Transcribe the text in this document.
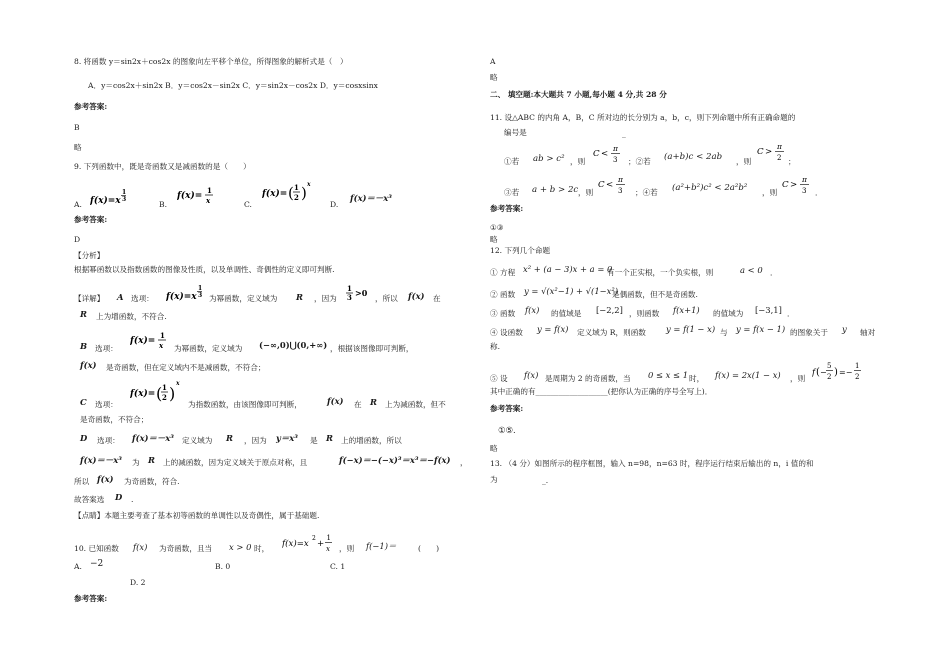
8. 将函数 y＝sin2x＋cos2x 的图象向左平移个单位，所得图象的解析式是（　）
A．y＝cos2x＋sin2x B．y＝cos2x－sin2x C．y＝sin2x－cos2x D．y＝cosxsinx
参考答案:
B
略
9. 下列函数中，既是奇函数又是减函数的是（　　）
A. f(x)=x
1
3
B.
f(x)=
1
x	C.
f(x)= ( 1
2 ) x
D.
f(x)＝－x³
参考答案:
D
【分析】
根据幂函数以及指数函数的图像及性质，以及单调性、奇偶性的定义即可判断.
【详解】 A 选项： f(x)=x
1
3 为幂函数，定义域为 R ，因为
1
3 >0
，所以 f(x) 在
R 上为增函数，不符合.
B 选项：
f(x)=
1
x 为幂函数，定义域为 (−∞,0)⋃(0,+∞) ，根据该图像即可判断，
f(x) 是奇函数，但在定义域内不是减函数，不符合；
C 选项：
f(x)= ( 1
2 )
x
为指数函数，由该图像即可判断，	f(x) 在 R 上为减函数，但不
是奇函数，不符合；
D 选项： f(x)＝－x³ 定义域为 R ，因为 y＝x³ 是 R 上的增函数，所以
f(x)＝－x³ 为 R 上的减函数，因为定义域关于原点对称，且	f(−x)＝−(−x)³＝x³＝−f(x) ，
所以 f(x) 为奇函数，符合.
故答案选 D .
【点睛】本题主要考查了基本初等函数的单调性以及奇偶性，属于基础题.
10. 已知函数 f(x) 为奇函数，且当 x > 0 时， f(x)=x
2
+
1
x ，则 f(−1)＝	(　　)
A. −2	B. 0	C. 1
D. 2
参考答案:
A
略
二、 填空题:本大题共 7 小题,每小题 4 分,共 28 分
11. 设△ABC 的内角 A，B，C 所对边的长分别为 a，b，c，则下列命题中所有正确命题的
编号是	_
①若 ab > c² ，则
C <
π
3 ；②若 (a+b)c < 2ab ，则
C >
π
2 ；
③若 a + b > 2c ，则
C <
π
3 ；④若 (a²+b²)c² < 2a²b² ，则
C >
π
3 ．
参考答案:
①③
略
12. 下列几个命题
① 方程 x² + (a − 3)x + a = 0
有一个正实根，一个负实根，则	a < 0 ．
② 函数 y = √(x²−1) + √(1−x²)
是偶函数，但不是奇函数.
③ 函数 f(x) 的值域是 [−2,2] ，则函数 f(x+1) 的值域为 [−3,1] ．
④ 设函数 y = f(x) 定义域为 R，则函数 y = f(1 − x) 与 y = f(x − 1) 的图象关于 y 轴对
称.
⑤ 设 f(x) 是周期为 2 的奇函数，当 0 ≤ x ≤ 1 时， f(x) = 2x(1 − x) ，则
f ( −
5
2 ) =−
1
2
其中正确的有___________________(把你认为正确的序号全写上)．
参考答案:
①⑤.
略
13. （4 分）如图所示的程序框图，输入 n=98，n=63 时，程序运行结束后输出的 n，i 值的和
为	_.
